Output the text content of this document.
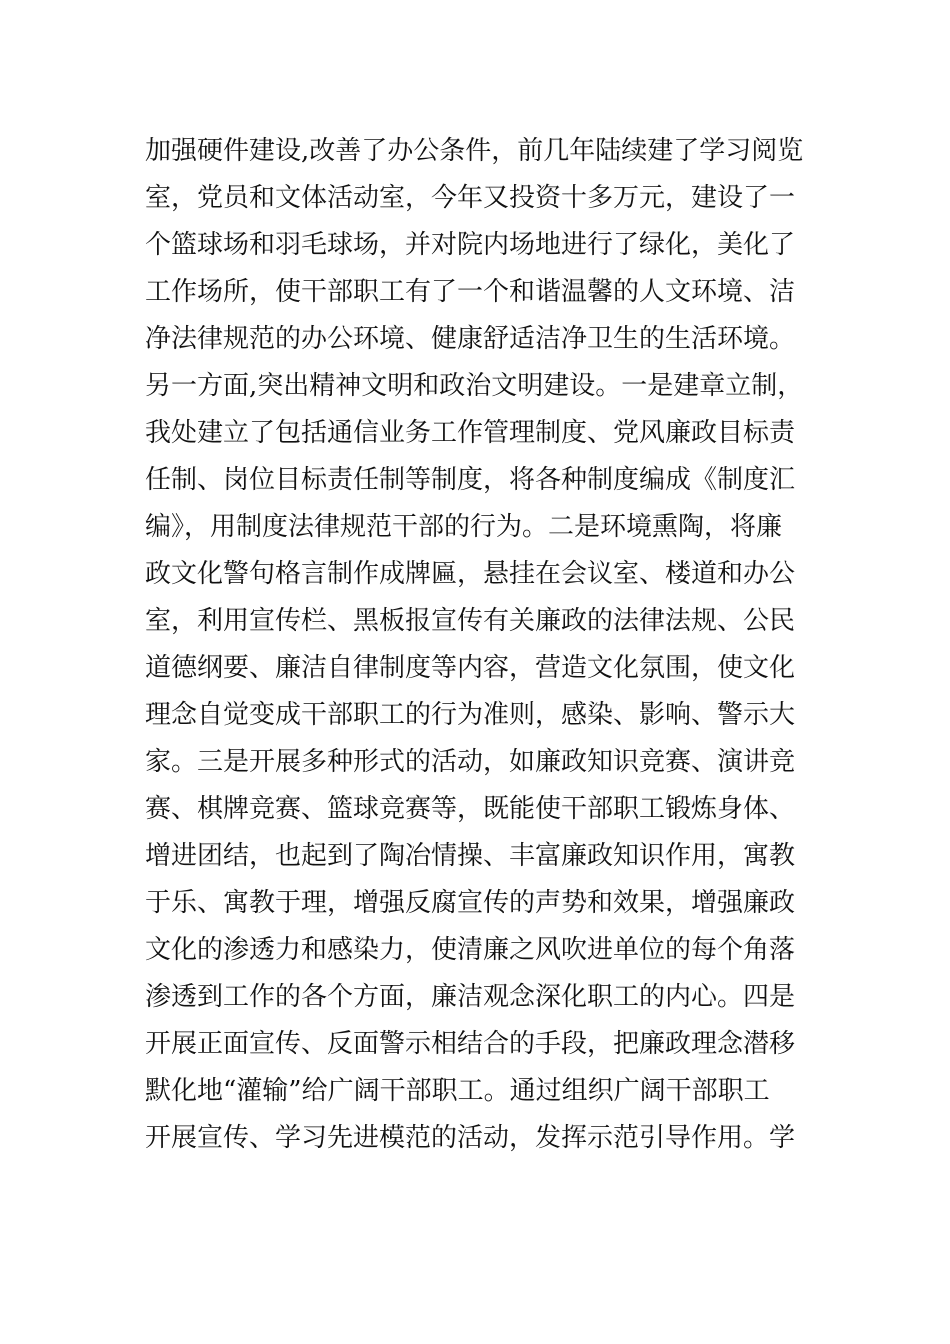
加强硬件建设,改善了办公条件，前几年陆续建了学习阅览
室，党员和文体活动室，今年又投资十多万元，建设了一
个篮球场和羽毛球场，并对院内场地进行了绿化，美化了
工作场所，使干部职工有了一个和谐温馨的人文环境、洁
净法律规范的办公环境、健康舒适洁净卫生的生活环境。
另一方面,突出精神文明和政治文明建设。一是建章立制，
我处建立了包括通信业务工作管理制度、党风廉政目标责
任制、岗位目标责任制等制度，将各种制度编成《制度汇
编》，用制度法律规范干部的行为。二是环境熏陶，将廉
政文化警句格言制作成牌匾，悬挂在会议室、楼道和办公
室，利用宣传栏、黑板报宣传有关廉政的法律法规、公民
道德纲要、廉洁自律制度等内容，营造文化氛围，使文化
理念自觉变成干部职工的行为准则，感染、影响、警示大
家。三是开展多种形式的活动，如廉政知识竞赛、演讲竞
赛、棋牌竞赛、篮球竞赛等，既能使干部职工锻炼身体、
增进团结，也起到了陶冶情操、丰富廉政知识作用，寓教
于乐、寓教于理，增强反腐宣传的声势和效果，增强廉政
文化的渗透力和感染力，使清廉之风吹进单位的每个角落
渗透到工作的各个方面，廉洁观念深化职工的内心。四是
开展正面宣传、反面警示相结合的手段，把廉政理念潜移
默化地“灌输”给广阔干部职工。通过组织广阔干部职工
开展宣传、学习先进模范的活动，发挥示范引导作用。学
